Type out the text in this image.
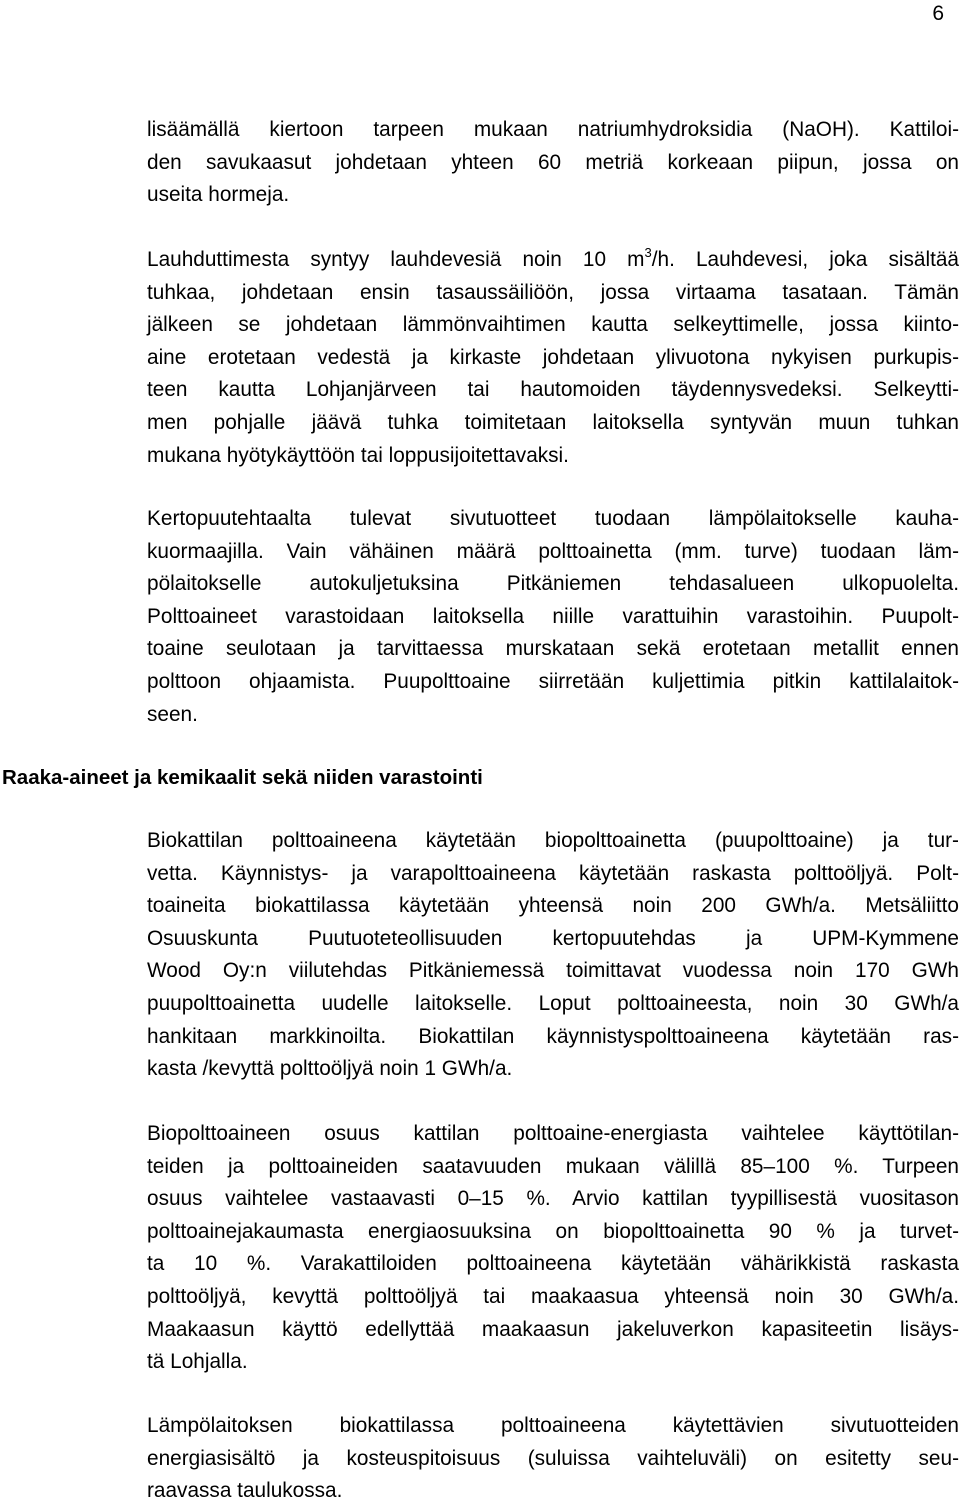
6
lisäämällä kiertoon tarpeen mukaan natriumhydroksidia (NaOH). Kattiloi-
den savukaasut johdetaan yhteen 60 metriä korkeaan piipun, jossa on
useita hormeja.
Lauhduttimesta syntyy lauhdevesiä noin 10 $m^3/h$. Lauhdevesi, joka sisältää
tuhkaa, johdetaan ensin tasaussäiliöön, jossa virtaama tasataan. Tämän
jälkeen se johdetaan lämmönvaihtimen kautta selkeyttimelle, jossa kiinto-
aine erotetaan vedestä ja kirkaste johdetaan ylivuotona nykyisen purkupis-
teen kautta Lohjanjärveen tai hautomoiden täydennysvedeksi. Selkeytti-
men pohjalle jäävä tuhka toimitetaan laitoksella syntyvän muun tuhkan
mukana hyötykäyttöön tai loppusijoitettavaksi.
Kertopuutehtaalta tulevat sivutuotteet tuodaan lämpölaitokselle kauha-
kuormaajilla. Vain vähäinen määrä polttoainetta (mm. turve) tuodaan läm-
pölaitokselle autokuljetuksina Pitkäniemen tehdasalueen ulkopuolelta.
Polttoaineet varastoidaan laitoksella niille varattuihin varastoihin. Puupolt-
toaine seulotaan ja tarvittaessa murskataan sekä erotetaan metallit ennen
polttoon ohjaamista. Puupolttoaine siirretään kuljettimia pitkin kattilalaitok-
seen.
Raaka-aineet ja kemikaalit sekä niiden varastointi
Biokattilan polttoaineena käytetään biopolttoainetta (puupolttoaine) ja tur-
vetta. Käynnistys- ja varapolttoaineena käytetään raskasta polttoöljyä. Polt-
toaineita biokattilassa käytetään yhteensä noin 200 GWh/a. Metsäliitto
Osuuskunta Puutuoteteollisuuden kertopuutehdas ja UPM-Kymmene
Wood Oy:n viilutehdas Pitkäniemessä toimittavat vuodessa noin 170 GWh
puupolttoainetta uudelle laitokselle. Loput polttoaineesta, noin 30 GWh/a
hankitaan markkinoilta. Biokattilan käynnistyspolttoaineena käytetään ras-
kasta /kevyttä polttoöljyä noin 1 GWh/a.
Biopolttoaineen osuus kattilan polttoaine-energiasta vaihtelee käyttötilan-
teiden ja polttoaineiden saatavuuden mukaan välillä 85–100 %. Turpeen
osuus vaihtelee vastaavasti 0–15 %. Arvio kattilan tyypillisestä vuositason
polttoainejakaumasta energiaosuuksina on biopolttoainetta 90 % ja turvet-
ta 10 %. Varakattiloiden polttoaineena käytetään vähärikkistä raskasta
polttoöljyä, kevyttä polttoöljyä tai maakaasua yhteensä noin 30 GWh/a.
Maakaasun käyttö edellyttää maakaasun jakeluverkon kapasiteetin lisäys-
tä Lohjalla.
Lämpölaitoksen biokattilassa polttoaineena käytettävien sivutuotteiden
energiasisältö ja kosteuspitoisuus (suluissa vaihteluväli) on esitetty seu-
raavassa taulukossa.
